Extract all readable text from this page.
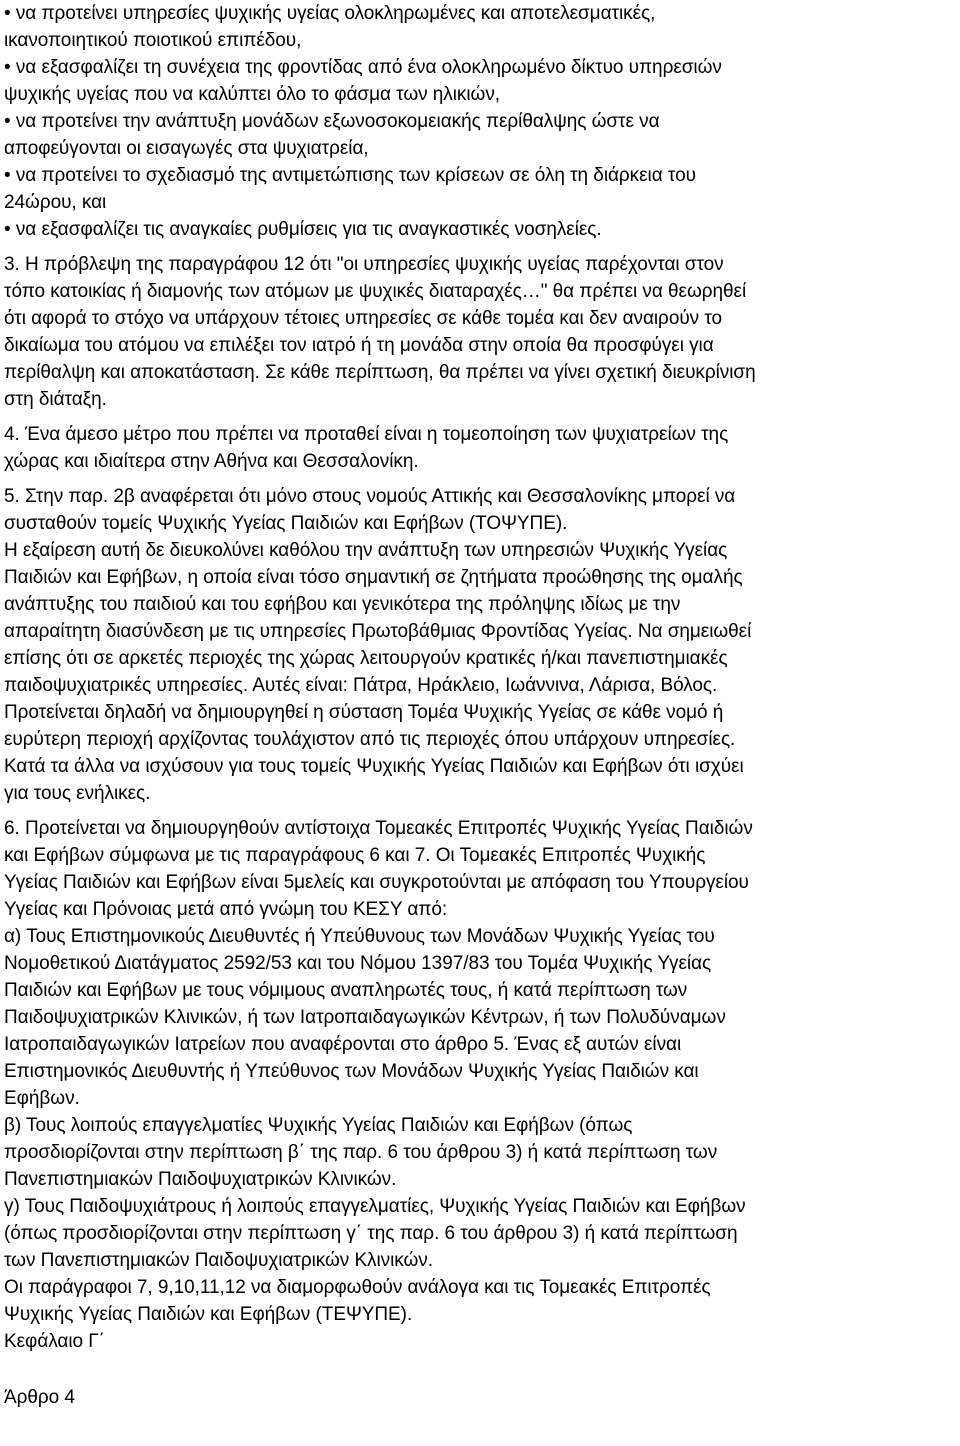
• να προτείνει υπηρεσίες ψυχικής υγείας ολοκληρωμένες και αποτελεσματικές,
ικανοποιητικού ποιοτικού επιπέδου,
• να εξασφαλίζει τη συνέχεια της φροντίδας από ένα ολοκληρωμένο δίκτυο υπηρεσιών
ψυχικής υγείας που να καλύπτει όλο το φάσμα των ηλικιών,
• να προτείνει την ανάπτυξη μονάδων εξωνοσοκομειακής περίθαλψης ώστε να
αποφεύγονται οι εισαγωγές στα ψυχιατρεία,
• να προτείνει το σχεδιασμό της αντιμετώπισης των κρίσεων σε όλη τη διάρκεια του
24ώρου, και
• να εξασφαλίζει τις αναγκαίες ρυθμίσεις για τις αναγκαστικές νοσηλείες.
3. Η πρόβλεψη της παραγράφου 12 ότι "οι υπηρεσίες ψυχικής υγείας παρέχονται στον
τόπο κατοικίας ή διαμονής των ατόμων με ψυχικές διαταραχές…" θα πρέπει να θεωρηθεί
ότι αφορά το στόχο να υπάρχουν τέτοιες υπηρεσίες σε κάθε τομέα και δεν αναιρούν το
δικαίωμα του ατόμου να επιλέξει τον ιατρό ή τη μονάδα στην οποία θα προσφύγει για
περίθαλψη και αποκατάσταση. Σε κάθε περίπτωση, θα πρέπει να γίνει σχετική διευκρίνιση
στη διάταξη.
4. Ένα άμεσο μέτρο που πρέπει να προταθεί είναι η τομεοποίηση των ψυχιατρείων της
χώρας και ιδιαίτερα στην Αθήνα και Θεσσαλονίκη.
5. Στην παρ. 2β αναφέρεται ότι μόνο στους νομούς Αττικής και Θεσσαλονίκης μπορεί να
συσταθούν τομείς Ψυχικής Υγείας Παιδιών και Εφήβων (ΤΟΨΥΠΕ).
Η εξαίρεση αυτή δε διευκολύνει καθόλου την ανάπτυξη των υπηρεσιών Ψυχικής Υγείας
Παιδιών και Εφήβων, η οποία είναι τόσο σημαντική σε ζητήματα προώθησης της ομαλής
ανάπτυξης του παιδιού και του εφήβου και γενικότερα της πρόληψης ιδίως με την
απαραίτητη διασύνδεση με τις υπηρεσίες Πρωτοβάθμιας Φροντίδας Υγείας. Να σημειωθεί
επίσης ότι σε αρκετές περιοχές της χώρας λειτουργούν κρατικές ή/και πανεπιστημιακές
παιδοψυχιατρικές υπηρεσίες. Αυτές είναι: Πάτρα, Ηράκλειο, Ιωάννινα, Λάρισα, Βόλος.
Προτείνεται δηλαδή να δημιουργηθεί η σύσταση Τομέα Ψυχικής Υγείας σε κάθε νομό ή
ευρύτερη περιοχή αρχίζοντας τουλάχιστον από τις περιοχές όπου υπάρχουν υπηρεσίες.
Κατά τα άλλα να ισχύσουν για τους τομείς Ψυχικής Υγείας Παιδιών και Εφήβων ότι ισχύει
για τους ενήλικες.
6. Προτείνεται να δημιουργηθούν αντίστοιχα Τομεακές Επιτροπές Ψυχικής Υγείας Παιδιών
και Εφήβων σύμφωνα με τις παραγράφους 6 και 7. Οι Τομεακές Επιτροπές Ψυχικής
Υγείας Παιδιών και Εφήβων είναι 5μελείς και συγκροτούνται με απόφαση του Υπουργείου
Υγείας και Πρόνοιας μετά από γνώμη του ΚΕΣΥ από:
α) Τους Επιστημονικούς Διευθυντές ή Υπεύθυνους των Μονάδων Ψυχικής Υγείας του
Νομοθετικού Διατάγματος 2592/53 και του Νόμου 1397/83 του Τομέα Ψυχικής Υγείας
Παιδιών και Εφήβων με τους νόμιμους αναπληρωτές τους, ή κατά περίπτωση των
Παιδοψυχιατρικών Κλινικών, ή των Ιατροπαιδαγωγικών Κέντρων, ή των Πολυδύναμων
Ιατροπαιδαγωγικών Ιατρείων που αναφέρονται στο άρθρο 5. Ένας εξ αυτών είναι
Επιστημονικός Διευθυντής ή Υπεύθυνος των Μονάδων Ψυχικής Υγείας Παιδιών και
Εφήβων.
β) Τους λοιπούς επαγγελματίες Ψυχικής Υγείας Παιδιών και Εφήβων (όπως
προσδιορίζονται στην περίπτωση β΄ της παρ. 6 του άρθρου 3) ή κατά περίπτωση των
Πανεπιστημιακών Παιδοψυχιατρικών Κλινικών.
γ) Τους Παιδοψυχιάτρους ή λοιπούς επαγγελματίες, Ψυχικής Υγείας Παιδιών και Εφήβων
(όπως προσδιορίζονται στην περίπτωση γ΄ της παρ. 6 του άρθρου 3) ή κατά περίπτωση
των Πανεπιστημιακών Παιδοψυχιατρικών Κλινικών.
Οι παράγραφοι 7, 9,10,11,12 να διαμορφωθούν ανάλογα και τις Τομεακές Επιτροπές
Ψυχικής Υγείας Παιδιών και Εφήβων (ΤΕΨΥΠΕ).
Κεφάλαιο Γ΄
Άρθρο 4
